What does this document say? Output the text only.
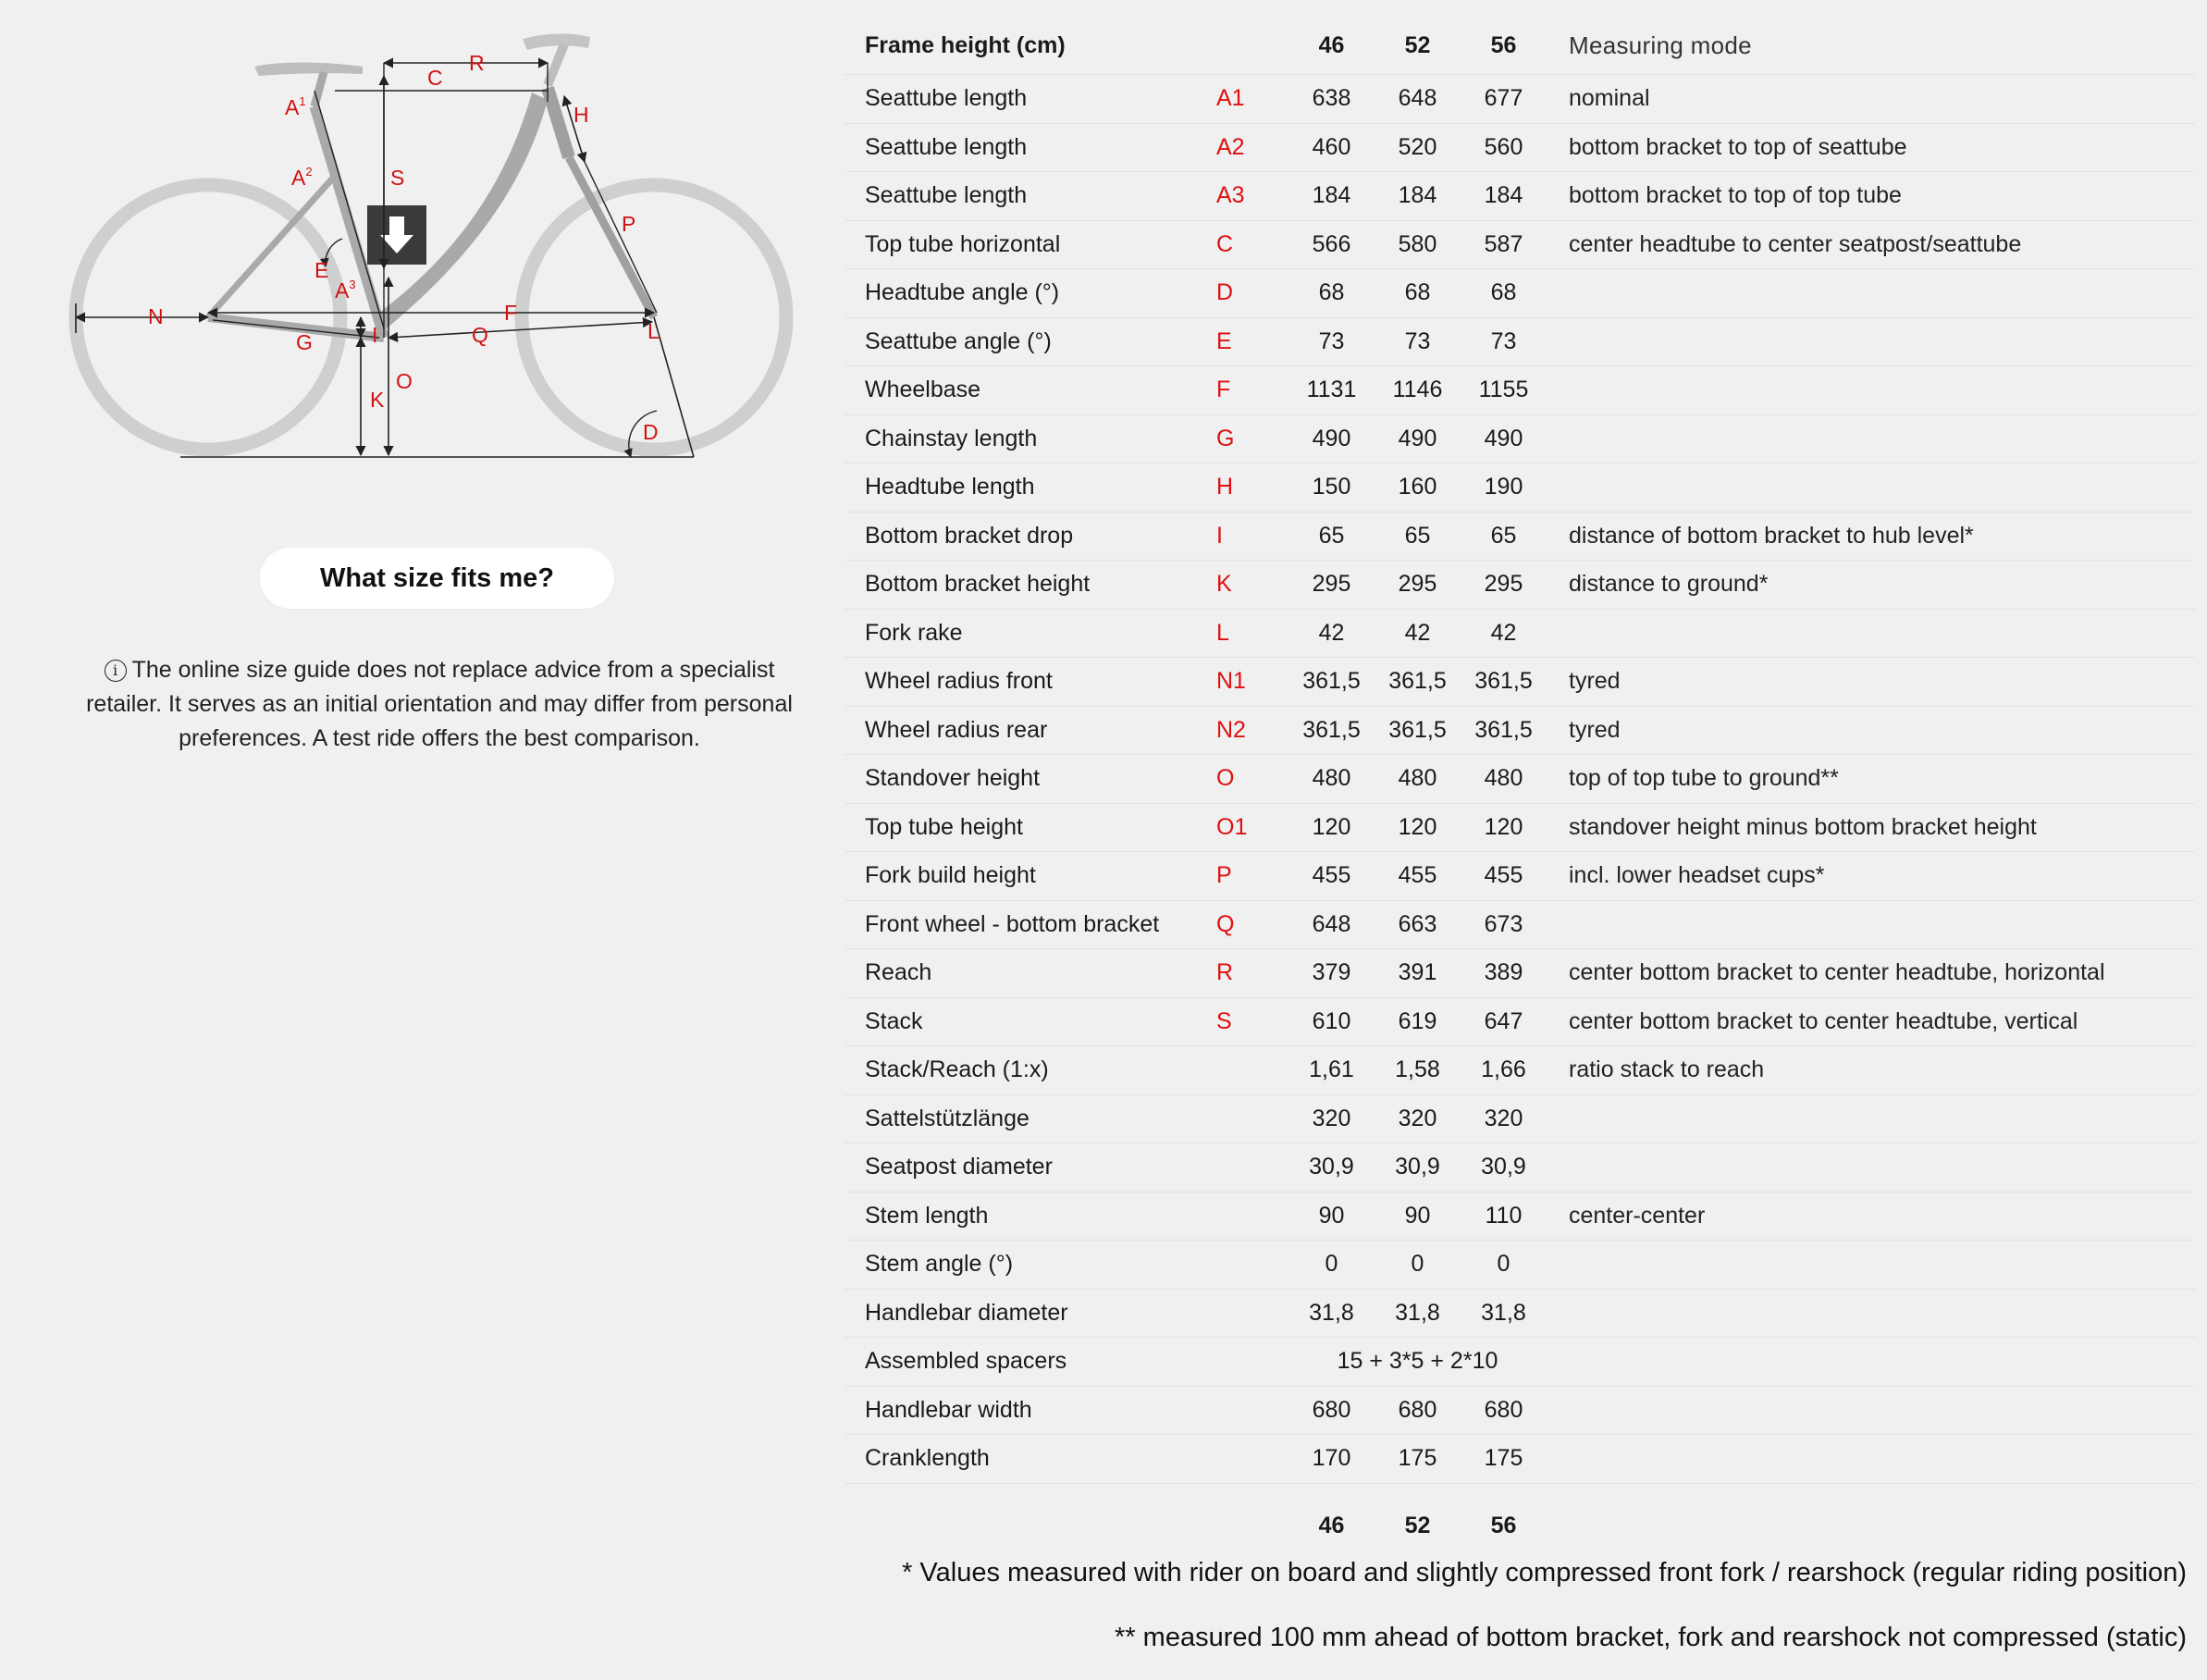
$A^1$
$A^2$
$A^3$
C
R
H
S
P
E
N
G	I	Q
F
L
K
O
D
What size fits me?
i The online size guide does not replace advice from a specialist retailer. It serves as an initial orientation and may differ from personal preferences. A test ride offers the best comparison.
Frame height (cm)		46	52	56	Measuring mode
Seattube length	A1	638	648	677	nominal
Seattube length	A2	460	520	560	bottom bracket to top of seattube
Seattube length	A3	184	184	184	bottom bracket to top of top tube
Top tube horizontal	C	566	580	587	center headtube to center seatpost/seattube
Headtube angle (°)	D	68	68	68	
Seattube angle (°)	E	73	73	73	
Wheelbase	F	1131	1146	1155	
Chainstay length	G	490	490	490	
Headtube length	H	150	160	190	
Bottom bracket drop	I	65	65	65	distance of bottom bracket to hub level*
Bottom bracket height	K	295	295	295	distance to ground*
Fork rake	L	42	42	42	
Wheel radius front	N1	361,5	361,5	361,5	tyred
Wheel radius rear	N2	361,5	361,5	361,5	tyred
Standover height	O	480	480	480	top of top tube to ground**
Top tube height	O1	120	120	120	standover height minus bottom bracket height
Fork build height	P	455	455	455	incl. lower headset cups*
Front wheel - bottom bracket	Q	648	663	673	
Reach	R	379	391	389	center bottom bracket to center headtube, horizontal
Stack	S	610	619	647	center bottom bracket to center headtube, vertical
Stack/Reach (1:x)		1,61	1,58	1,66	ratio stack to reach
Sattelstützlänge		320	320	320	
Seatpost diameter		30,9	30,9	30,9	
Stem length		90	90	110	center-center
Stem angle (°)		0	0	0	
Handlebar diameter		31,8	31,8	31,8	
Assembled spacers		15 + 3*5 + 2*10			
Handlebar width		680	680	680	
Cranklength		170	175	175	
		46	52	56	
* Values measured with rider on board and slightly compressed front fork / rearshock (regular riding position)
** measured 100 mm ahead of bottom bracket, fork and rearshock not compressed (static)
